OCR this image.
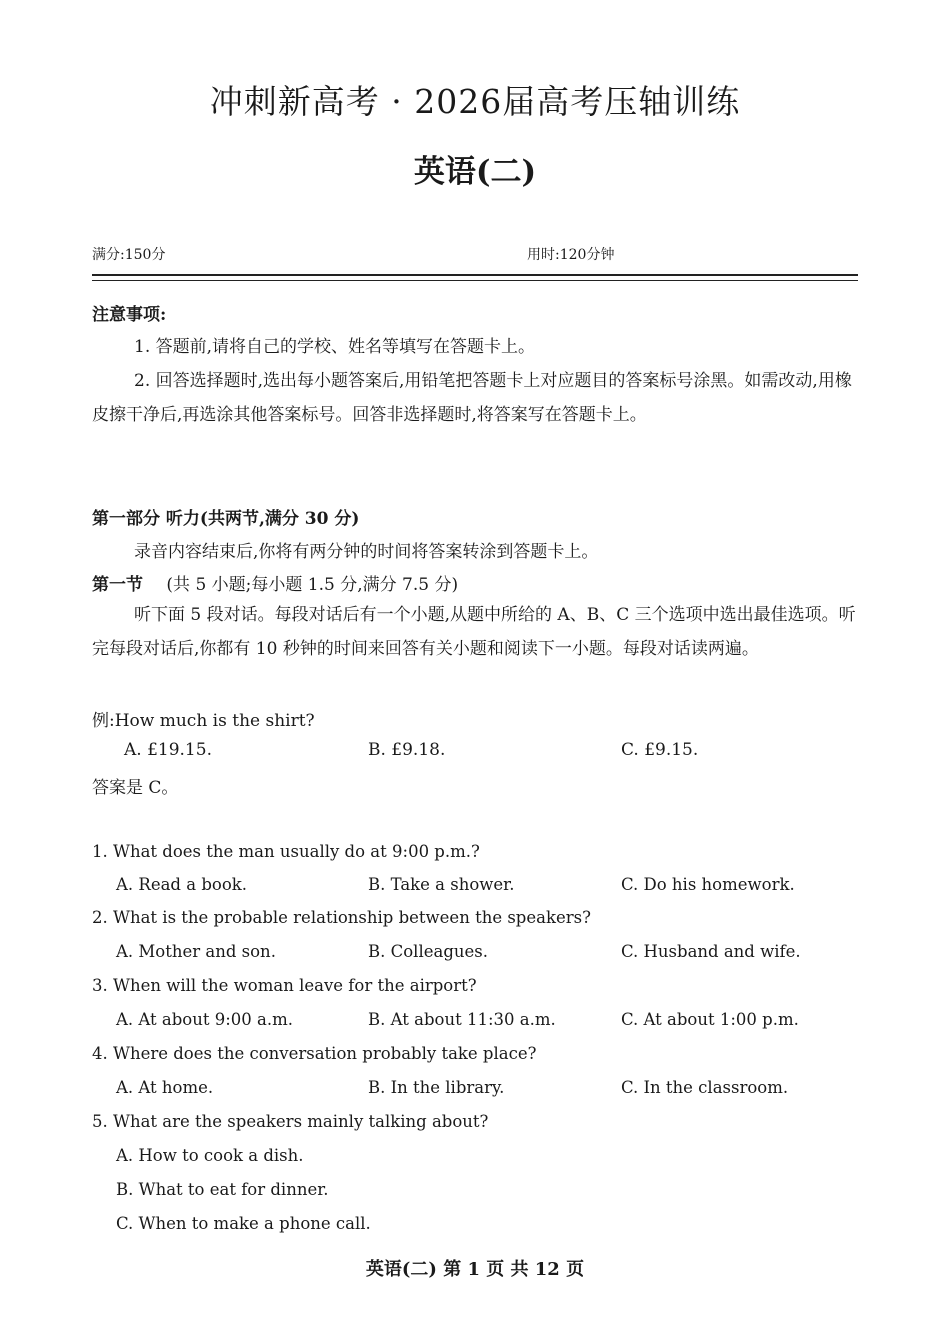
冲刺新高考 · 2026届高考压轴训练
英语(二)
满分:150分	用时:120分钟
注意事项:
1. 答题前,请将自己的学校、姓名等填写在答题卡上。
2. 回答选择题时,选出每小题答案后,用铅笔把答题卡上对应题目的答案标号涂黑。如需改动,用橡皮擦干净后,再选涂其他答案标号。回答非选择题时,将答案写在答题卡上。
第一部分 听力(共两节,满分 30 分)
录音内容结束后,你将有两分钟的时间将答案转涂到答题卡上。
第一节 (共 5 小题;每小题 1.5 分,满分 7.5 分)
听下面 5 段对话。每段对话后有一个小题,从题中所给的 A、B、C 三个选项中选出最佳选项。听完每段对话后,你都有 10 秒钟的时间来回答有关小题和阅读下一小题。每段对话读两遍。
例:How much is the shirt?
A. £19.15.	B. £9.18.	C. £9.15.
答案是 C。
1. What does the man usually do at 9:00 p.m.?
A. Read a book.	B. Take a shower.	C. Do his homework.
2. What is the probable relationship between the speakers?
A. Mother and son.	B. Colleagues.	C. Husband and wife.
3. When will the woman leave for the airport?
A. At about 9:00 a.m.	B. At about 11:30 a.m.	C. At about 1:00 p.m.
4. Where does the conversation probably take place?
A. At home.	B. In the library.	C. In the classroom.
5. What are the speakers mainly talking about?
A. How to cook a dish.
B. What to eat for dinner.
C. When to make a phone call.
英语(二) 第 1 页 共 12 页
